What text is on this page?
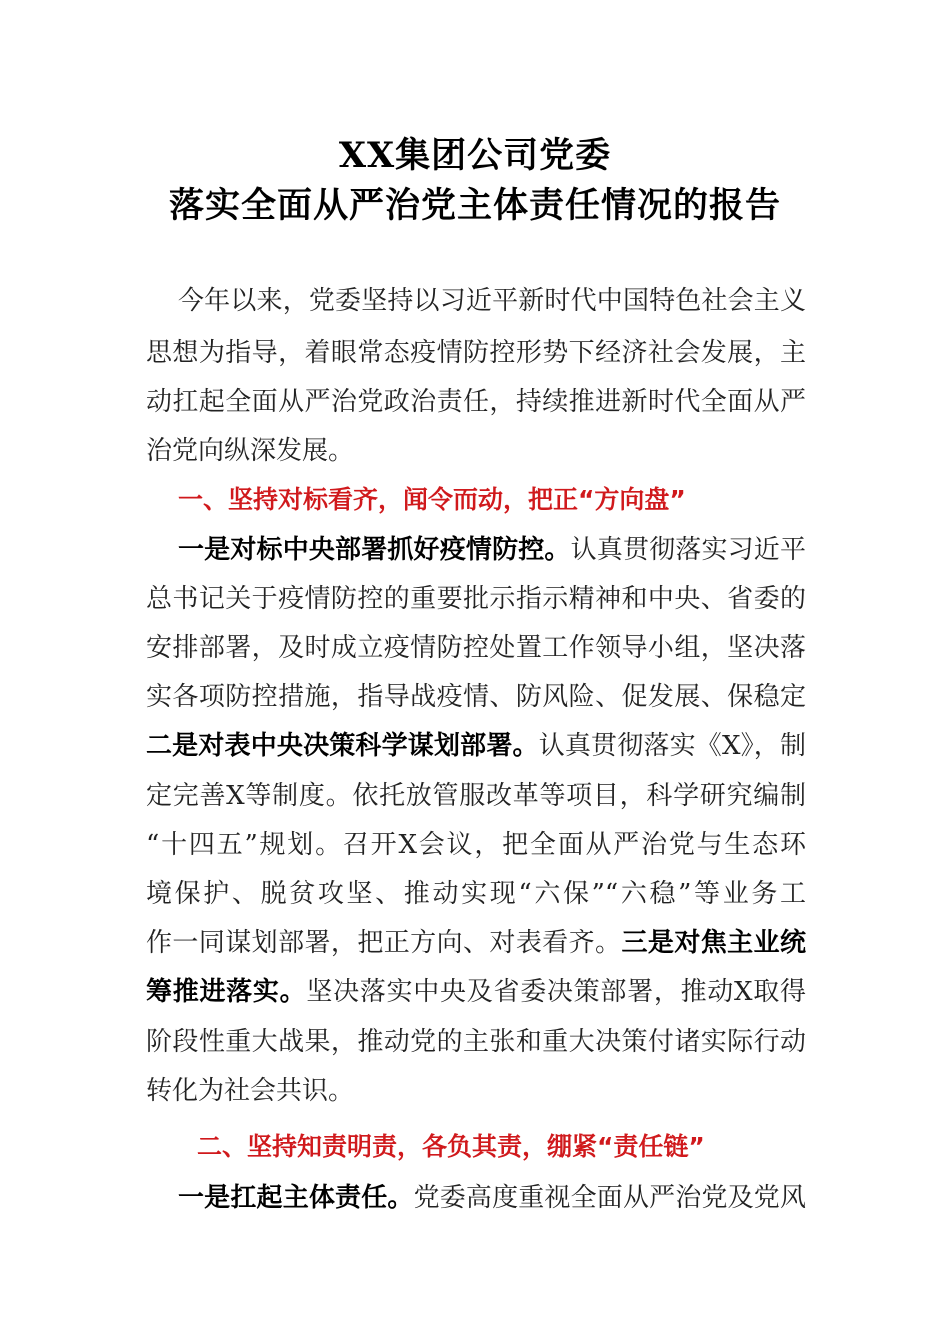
XX集团公司党委
落实全面从严治党主体责任情况的报告
今年以来，党委坚持以习近平新时代中国特色社会主义
思想为指导，着眼常态疫情防控形势下经济社会发展，主
动扛起全面从严治党政治责任，持续推进新时代全面从严
治党向纵深发展。
一、坚持对标看齐，闻令而动，把正“方向盘”
一是对标中央部署抓好疫情防控。认真贯彻落实习近平
总书记关于疫情防控的重要批示指示精神和中央、省委的
安排部署，及时成立疫情防控处置工作领导小组，坚决落
实各项防控措施，指导战疫情、防风险、促发展、保稳定
二是对表中央决策科学谋划部署。认真贯彻落实《X》，制
定完善X等制度。依托放管服改革等项目，科学研究编制
“十四五”规划。召开X会议，把全面从严治党与生态环
境保护、脱贫攻坚、推动实现“六保”“六稳”等业务工
作一同谋划部署，把正方向、对表看齐。三是对焦主业统
筹推进落实。坚决落实中央及省委决策部署，推动X取得
阶段性重大战果，推动党的主张和重大决策付诸实际行动
转化为社会共识。
二、坚持知责明责，各负其责，绷紧“责任链”
一是扛起主体责任。党委高度重视全面从严治党及党风
